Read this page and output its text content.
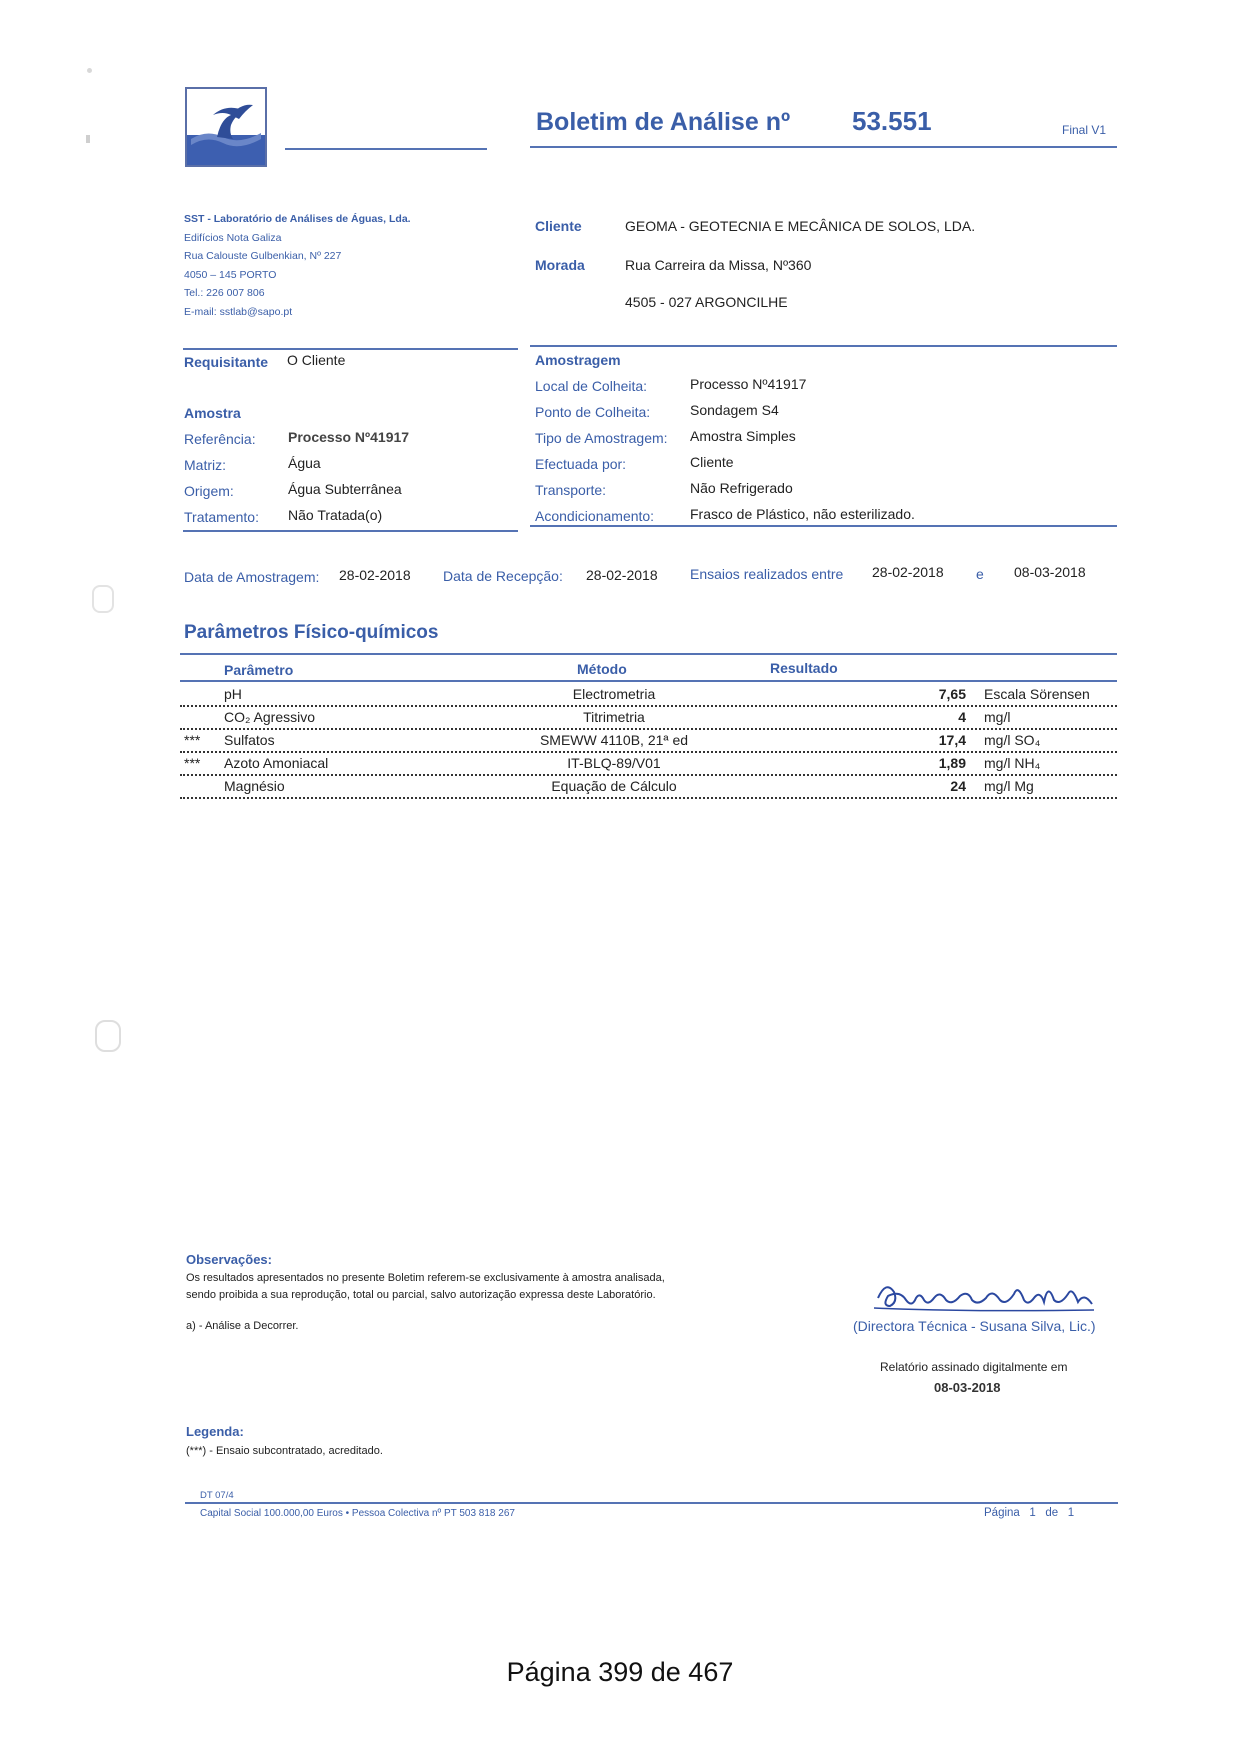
Boletim de Análise nº 53.551	Final V1
SST - Laboratório de Análises de Águas, Lda.
Edifícios Nota Galiza
Rua Calouste Gulbenkian, Nº 227
4050 – 145 PORTO
Tel.: 226 007 806
E-mail: sstlab@sapo.pt
Cliente	GEOMA - GEOTECNIA E MECÂNICA DE SOLOS, LDA.
Morada	Rua Carreira da Missa, Nº360
4505 - 027 ARGONCILHE
Requisitante O Cliente
Amostra
Referência: Processo Nº41917
Matriz:	Água
Origem:	Água Subterrânea
Tratamento: Não Tratada(o)
Amostragem
Local de Colheita:	Processo Nº41917
Ponto de Colheita:	Sondagem S4
Tipo de Amostragem: Amostra Simples
Efectuada por:	Cliente
Transporte:	Não Refrigerado
Acondicionamento:	Frasco de Plástico, não esterilizado.
Data de Amostragem: 28-02-2018 Data de Recepção: 28-02-2018 Ensaios realizados entre 28-02-2018 e 08-03-2018
Parâmetros Físico-químicos
Parâmetro	Método	Resultado
pH	Electrometria	7,65 Escala Sörensen
CO₂ Agressivo	Titrimetria	4 mg/l
*** Sulfatos	SMEWW 4110B, 21ª ed	17,4 mg/l SO₄
*** Azoto Amoniacal	IT-BLQ-89/V01	1,89 mg/l NH₄
Magnésio	Equação de Cálculo	24 mg/l Mg
Observações:
Os resultados apresentados no presente Boletim referem-se exclusivamente à amostra analisada,
sendo proibida a sua reprodução, total ou parcial, salvo autorização expressa deste Laboratório.
a) - Análise a Decorrer.	(Directora Técnica - Susana Silva, Lic.)
Relatório assinado digitalmente em
08-03-2018
Legenda:
(***) - Ensaio subcontratado, acreditado.
DT 07/4
Capital Social 100.000,00 Euros • Pessoa Colectiva nº PT 503 818 267	Página 1 de 1
Página 399 de 467
